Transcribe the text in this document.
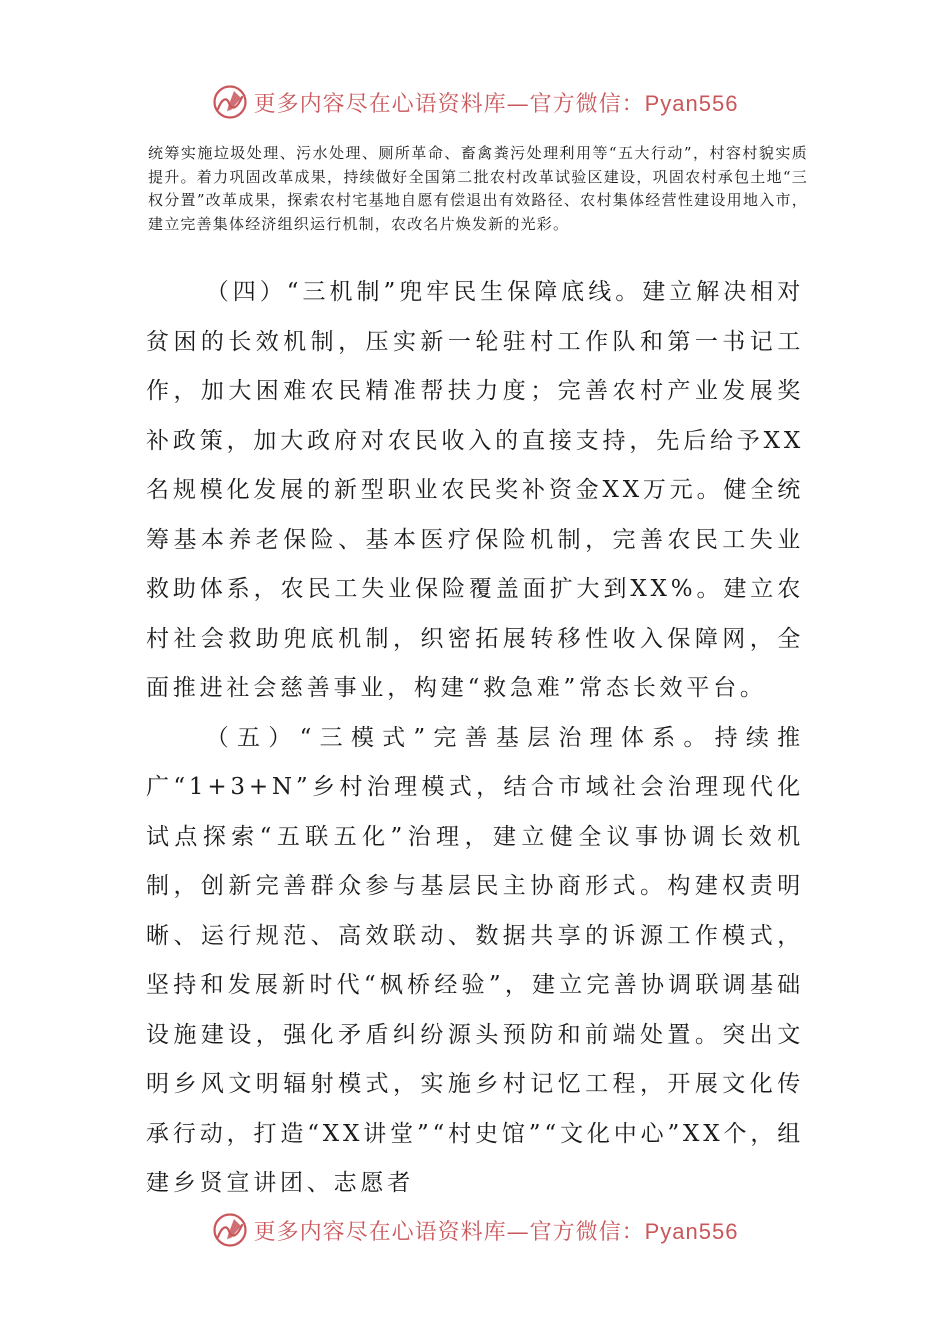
更多内容尽在心语资料库—官方微信：Pyan556

统筹实施垃圾处理、污水处理、厕所革命、畜禽粪污处理利用等“五大行动”，村容村貌实质提升。着力巩固改革成果，持续做好全国第二批农村改革试验区建设，巩固农村承包土地“三权分置”改革成果，探索农村宅基地自愿有偿退出有效路径、农村集体经营性建设用地入市，建立完善集体经济组织运行机制，农改名片焕发新的光彩。

（四）“三机制”兜牢民生保障底线。建立解决相对贫困的长效机制，压实新一轮驻村工作队和第一书记工作，加大困难农民精准帮扶力度；完善农村产业发展奖补政策，加大政府对农民收入的直接支持，先后给予XX名规模化发展的新型职业农民奖补资金XX万元。健全统筹基本养老保险、基本医疗保险机制，完善农民工失业救助体系，农民工失业保险覆盖面扩大到XX%。建立农村社会救助兜底机制，织密拓展转移性收入保障网，全面推进社会慈善事业，构建“救急难”常态长效平台。

（五）“三模式”完善基层治理体系。持续推广“1+3+N”乡村治理模式，结合市域社会治理现代化试点探索“五联五化”治理，建立健全议事协调长效机制，创新完善群众参与基层民主协商形式。构建权责明晰、运行规范、高效联动、数据共享的诉源工作模式，坚持和发展新时代“枫桥经验”，建立完善协调联调基础设施建设，强化矛盾纠纷源头预防和前端处置。突出文明乡风文明辐射模式，实施乡村记忆工程，开展文化传承行动，打造“XX讲堂”“村史馆”“文化中心”XX个，组建乡贤宣讲团、志愿者

更多内容尽在心语资料库—官方微信：Pyan556
